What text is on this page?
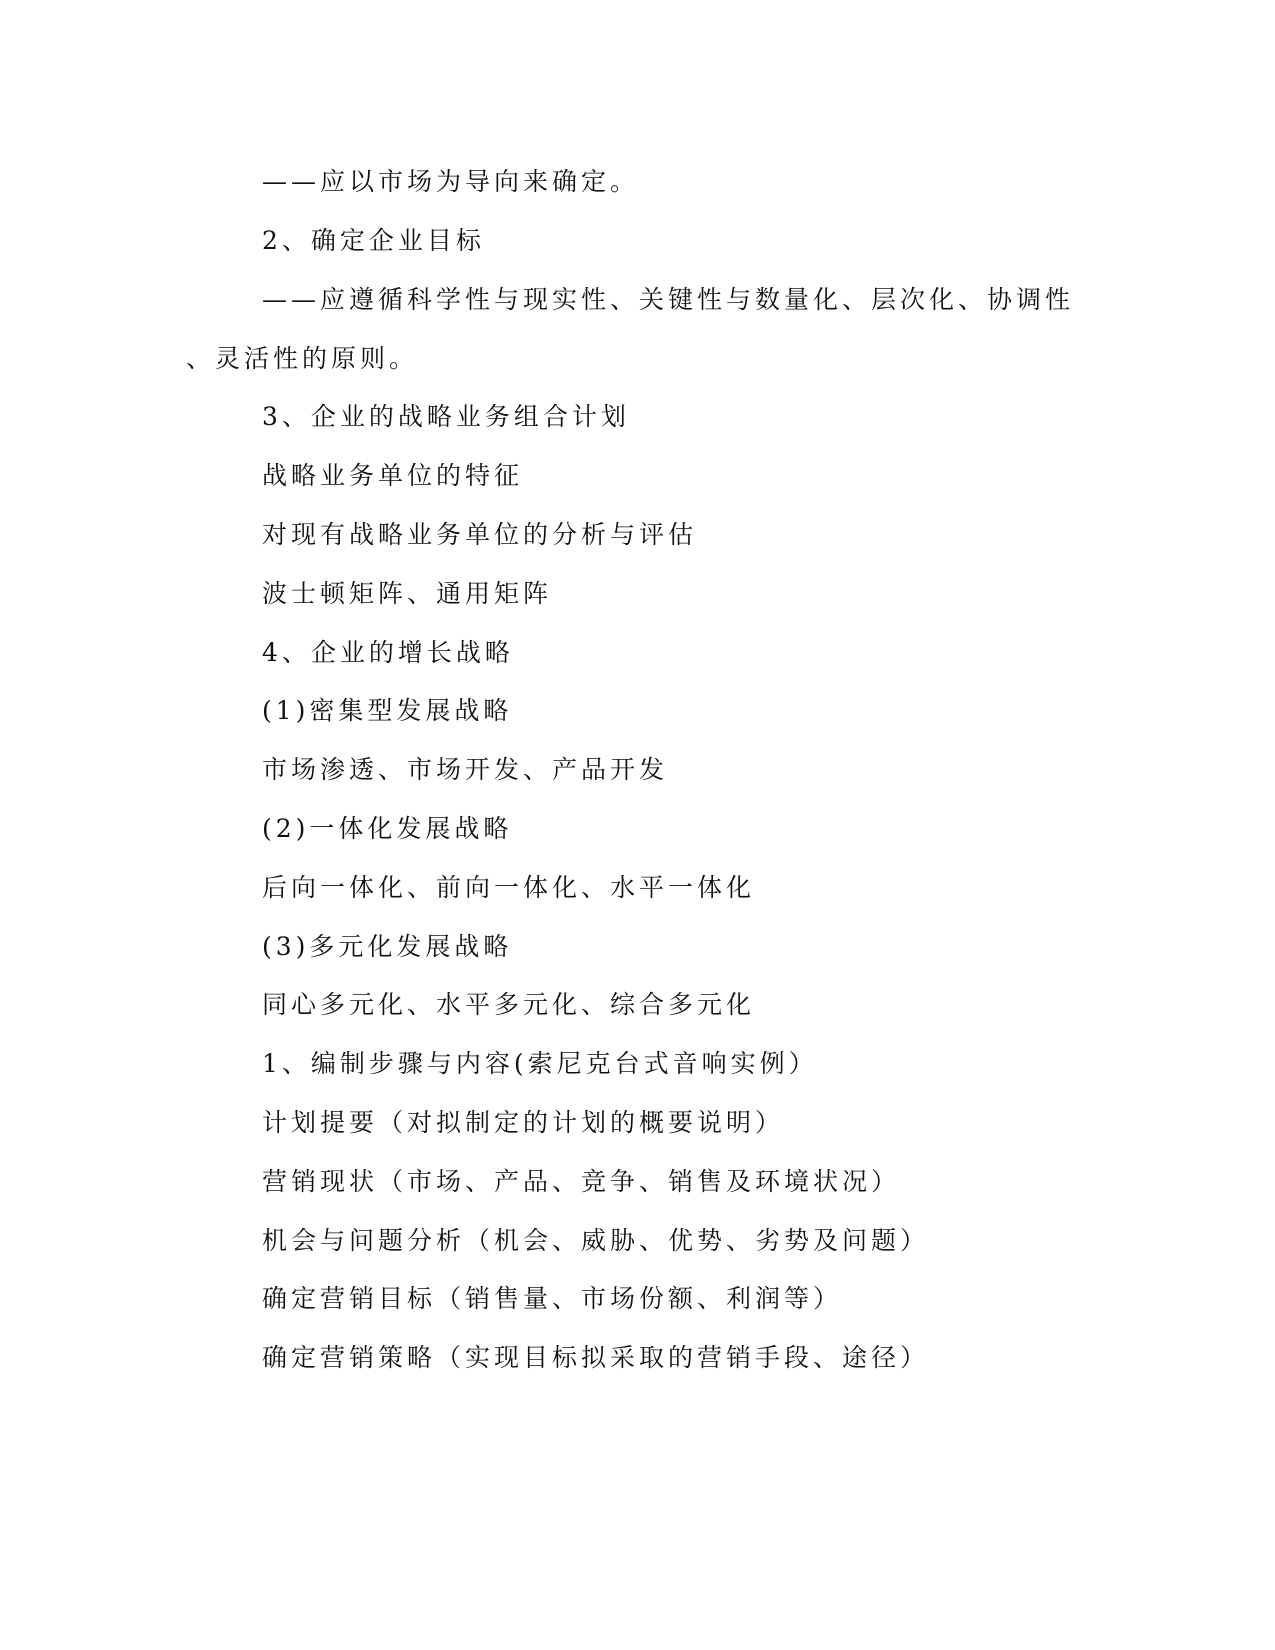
——应以市场为导向来确定。
2、确定企业目标
——应遵循科学性与现实性、关键性与数量化、层次化、协调性
、灵活性的原则。
3、企业的战略业务组合计划
战略业务单位的特征
对现有战略业务单位的分析与评估
波士顿矩阵、通用矩阵
4、企业的增长战略
(1)密集型发展战略
市场渗透、市场开发、产品开发
(2)一体化发展战略
后向一体化、前向一体化、水平一体化
(3)多元化发展战略
同心多元化、水平多元化、综合多元化
1、编制步骤与内容(索尼克台式音响实例）
计划提要（对拟制定的计划的概要说明）
营销现状（市场、产品、竞争、销售及环境状况）
机会与问题分析（机会、威胁、优势、劣势及问题）
确定营销目标（销售量、市场份额、利润等）
确定营销策略（实现目标拟采取的营销手段、途径）
